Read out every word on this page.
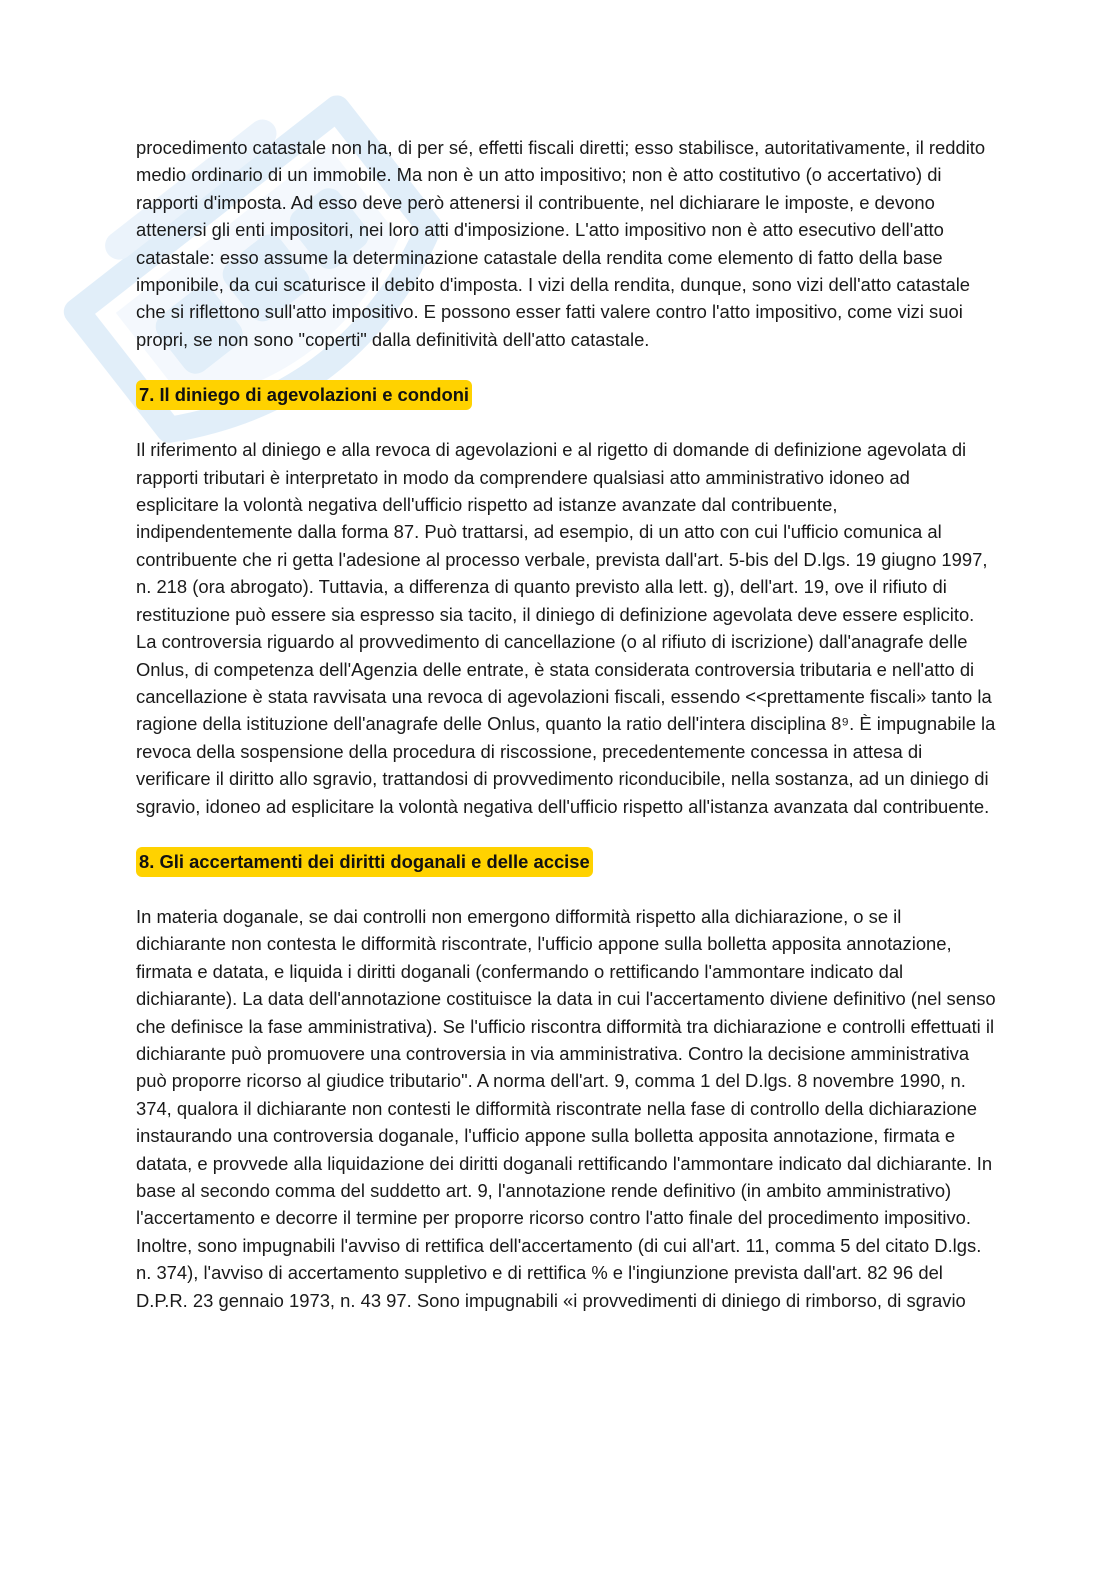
procedimento catastale non ha, di per sé, effetti fiscali diretti; esso stabilisce, autoritativamente, il reddito medio ordinario di un immobile. Ma non è un atto impositivo; non è atto costitutivo (o accertativo) di rapporti d'imposta. Ad esso deve però attenersi il contribuente, nel dichiarare le imposte, e devono attenersi gli enti impositori, nei loro atti d'imposizione. L'atto impositivo non è atto esecutivo dell'atto catastale: esso assume la determinazione catastale della rendita come elemento di fatto della base imponibile, da cui scaturisce il debito d'imposta. I vizi della rendita, dunque, sono vizi dell'atto catastale che si riflettono sull'atto impositivo. E possono esser fatti valere contro l'atto impositivo, come vizi suoi propri, se non sono "coperti" dalla definitività dell'atto catastale.

7. Il diniego di agevolazioni e condoni

Il riferimento al diniego e alla revoca di agevolazioni e al rigetto di domande di definizione agevolata di rapporti tributari è interpretato in modo da comprendere qualsiasi atto amministrativo idoneo ad esplicitare la volontà negativa dell'ufficio rispetto ad istanze avanzate dal contribuente, indipendentemente dalla forma 87. Può trattarsi, ad esempio, di un atto con cui l'ufficio comunica al contribuente che ri getta l'adesione al processo verbale, prevista dall'art. 5-bis del D.lgs. 19 giugno 1997, n. 218 (ora abrogato). Tuttavia, a differenza di quanto previsto alla lett. g), dell'art. 19, ove il rifiuto di restituzione può essere sia espresso sia tacito, il diniego di definizione agevolata deve essere esplicito. La controversia riguardo al provvedimento di cancellazione (o al rifiuto di iscrizione) dall'anagrafe delle Onlus, di competenza dell'Agenzia delle entrate, è stata considerata controversia tributaria e nell'atto di cancellazione è stata ravvisata una revoca di agevolazioni fiscali, essendo <<prettamente fiscali» tanto la ragione della istituzione dell'anagrafe delle Onlus, quanto la ratio dell'intera disciplina 8⁹. È impugnabile la revoca della sospensione della procedura di riscossione, precedentemente concessa in attesa di verificare il diritto allo sgravio, trattandosi di provvedimento riconducibile, nella sostanza, ad un diniego di sgravio, idoneo ad esplicitare la volontà negativa dell'ufficio rispetto all'istanza avanzata dal contribuente.

8. Gli accertamenti dei diritti doganali e delle accise

In materia doganale, se dai controlli non emergono difformità rispetto alla dichiarazione, o se il dichiarante non contesta le difformità riscontrate, l'ufficio appone sulla bolletta apposita annotazione, firmata e datata, e liquida i diritti doganali (confermando o rettificando l'ammontare indicato dal dichiarante). La data dell'annotazione costituisce la data in cui l'accertamento diviene definitivo (nel senso che definisce la fase amministrativa). Se l'ufficio riscontra difformità tra dichiarazione e controlli effettuati il dichiarante può promuovere una controversia in via amministrativa. Contro la decisione amministrativa può proporre ricorso al giudice tributario". A norma dell'art. 9, comma 1 del D.lgs. 8 novembre 1990, n. 374, qualora il dichiarante non contesti le difformità riscontrate nella fase di controllo della dichiarazione instaurando una controversia doganale, l'ufficio appone sulla bolletta apposita annotazione, firmata e datata, e provvede alla liquidazione dei diritti doganali rettificando l'ammontare indicato dal dichiarante. In base al secondo comma del suddetto art. 9, l'annotazione rende definitivo (in ambito amministrativo) l'accertamento e decorre il termine per proporre ricorso contro l'atto finale del procedimento impositivo. Inoltre, sono impugnabili l'avviso di rettifica dell'accertamento (di cui all'art. 11, comma 5 del citato D.lgs. n. 374), l'avviso di accertamento suppletivo e di rettifica % e l'ingiunzione prevista dall'art. 82 96 del D.P.R. 23 gennaio 1973, n. 43 97. Sono impugnabili «i provvedimenti di diniego di rimborso, di sgravio
